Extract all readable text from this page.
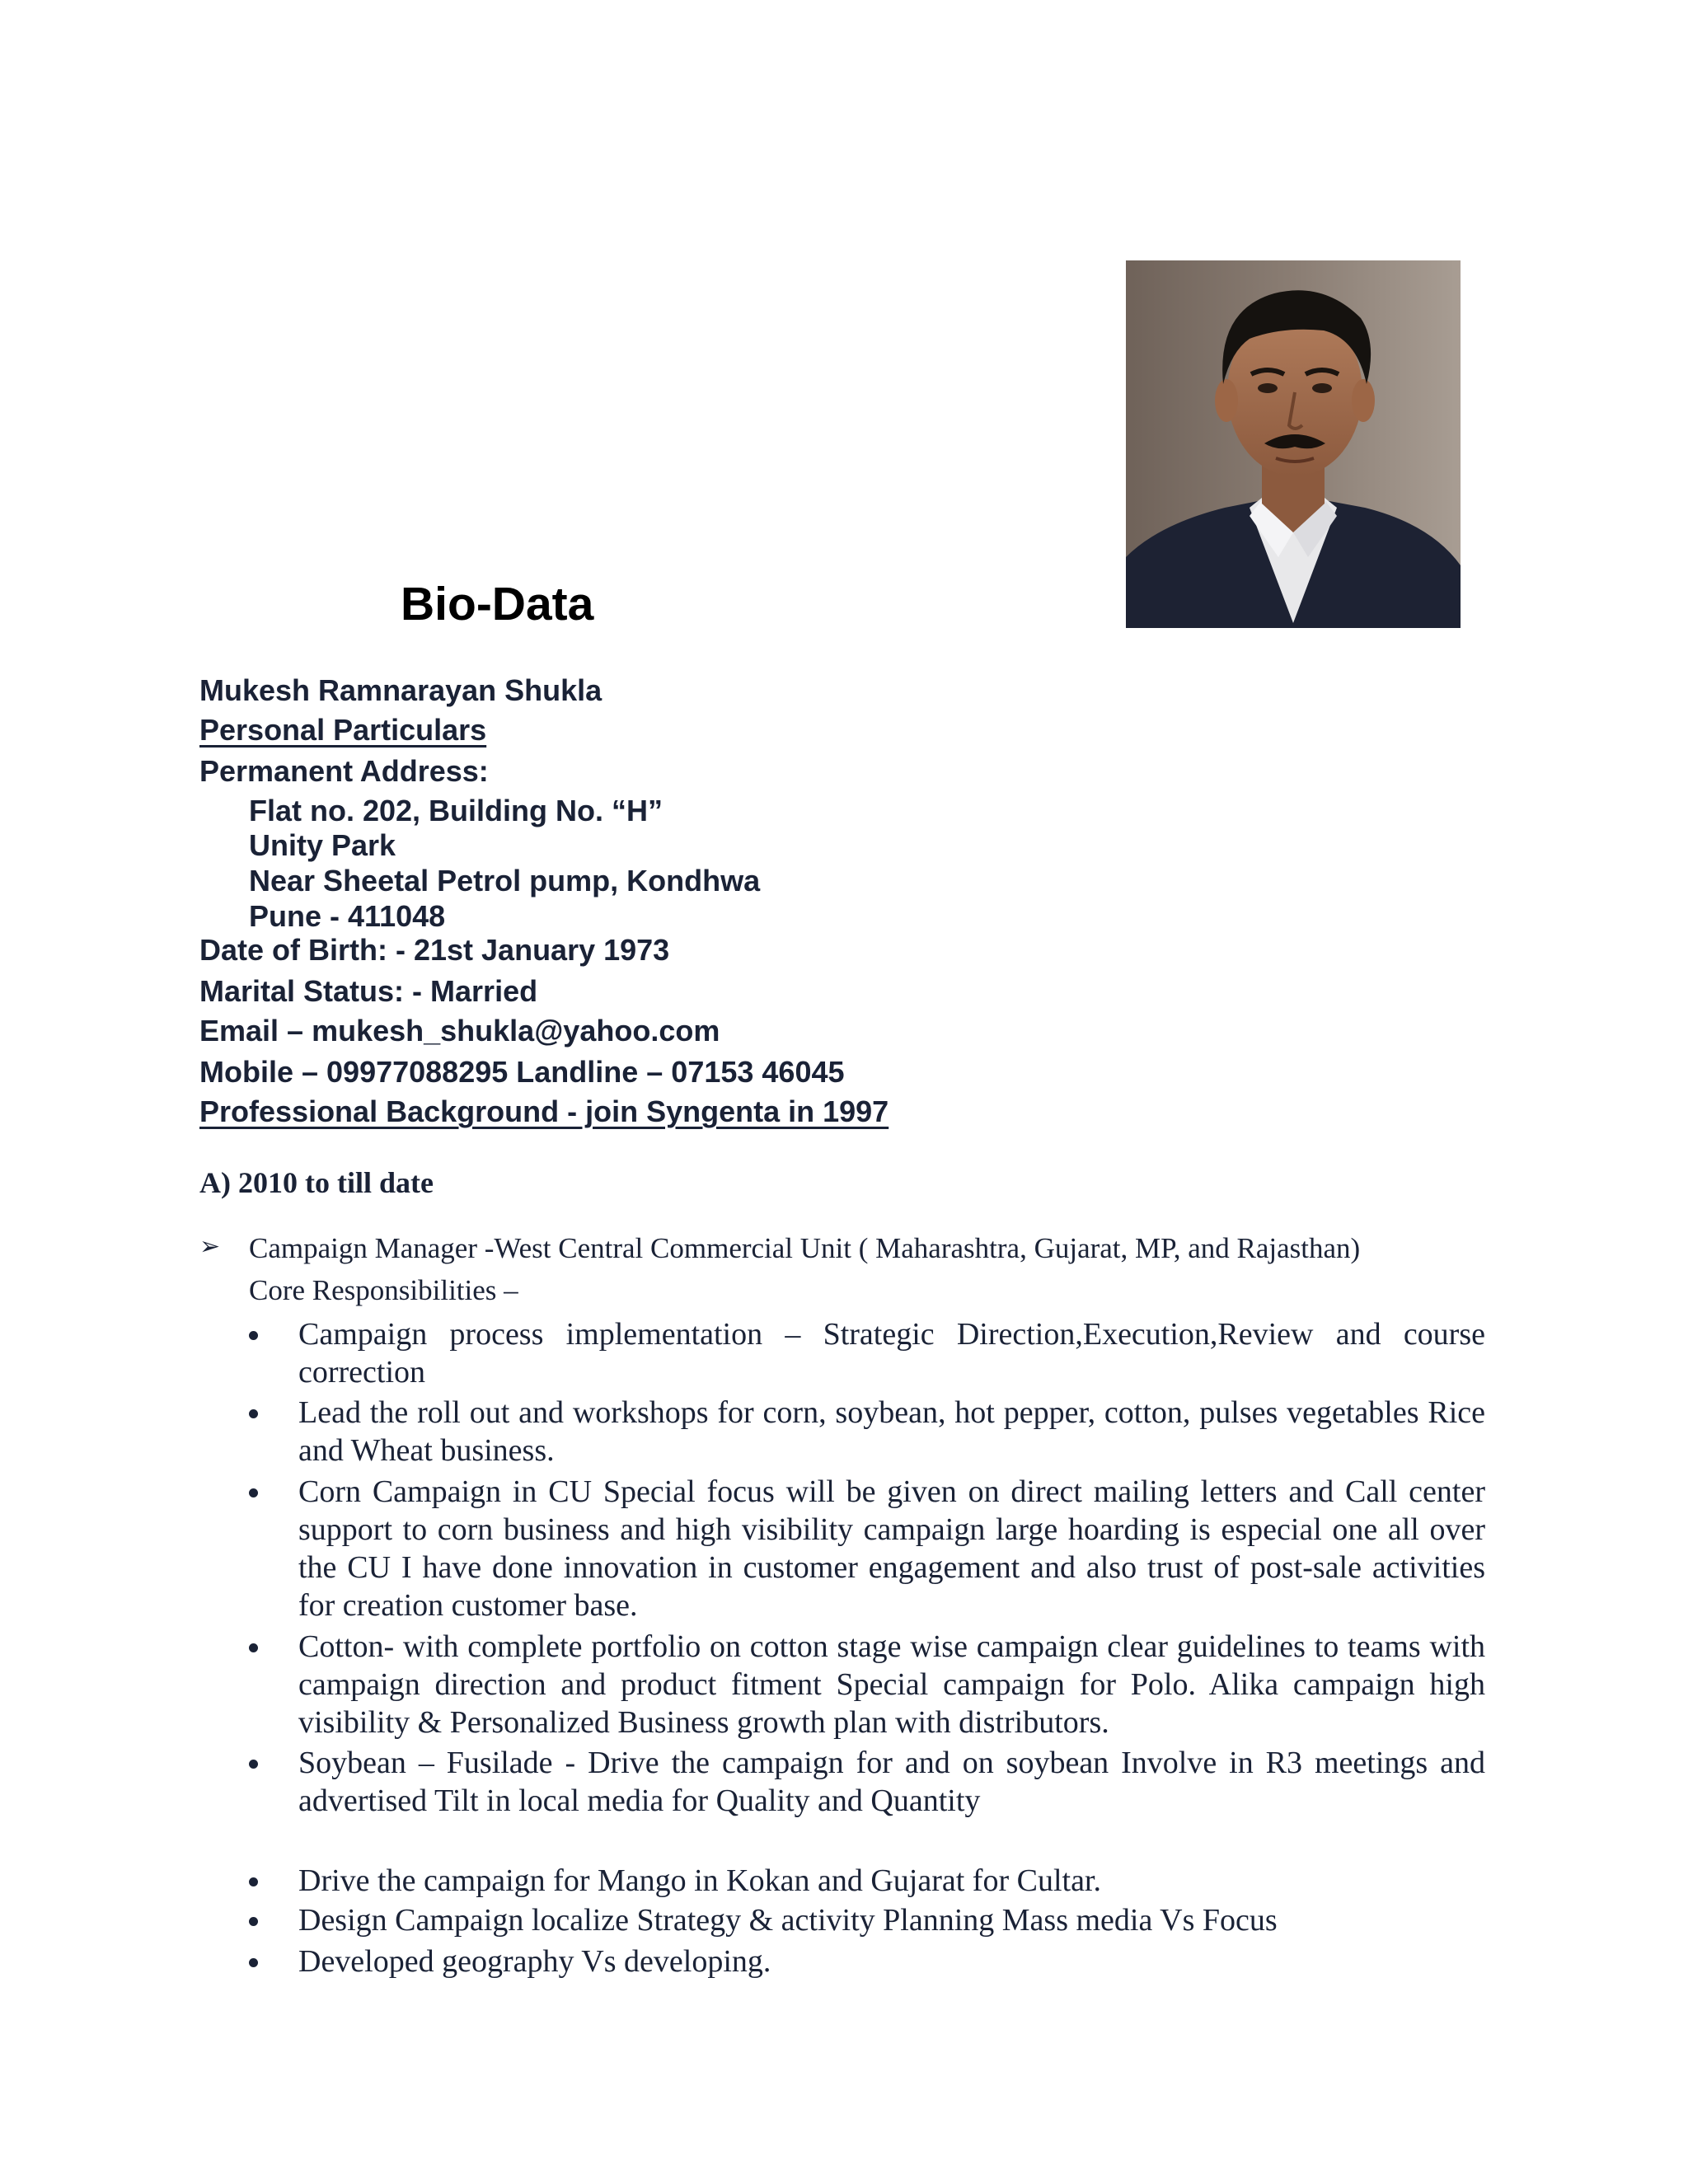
Bio-Data

Mukesh Ramnarayan Shukla

Personal Particulars

Permanent Address:

Flat no. 202, Building No. “H”

Unity Park

Near Sheetal Petrol pump, Kondhwa

Pune - 411048

Date of Birth: - 21st January 1973

Marital Status: - Married

Email – mukesh_shukla@yahoo.com

Mobile – 09977088295 Landline – 07153 46045

Professional Background - join Syngenta in 1997

A) 2010 to till date

➢ Campaign Manager -West Central Commercial Unit ( Maharashtra, Gujarat, MP, and Rajasthan)

Core Responsibilities –

Campaign process implementation – Strategic Direction,Execution,Review and course correction

Lead the roll out and workshops for corn, soybean, hot pepper, cotton, pulses vegetables Rice and Wheat business.

Corn Campaign in CU Special focus will be given on direct mailing letters and Call center support to corn business and high visibility campaign large hoarding is especial one all over the CU I have done innovation in customer engagement and also trust of post-sale activities for creation customer base.

Cotton- with complete portfolio on cotton stage wise campaign clear guidelines to teams with campaign direction and product fitment Special campaign for Polo. Alika campaign high visibility & Personalized Business growth plan with distributors.

Soybean – Fusilade - Drive the campaign for and on soybean Involve in R3 meetings and advertised Tilt in local media for Quality and Quantity

Drive the campaign for Mango in Kokan and Gujarat for Cultar.

Design Campaign localize Strategy & activity Planning Mass media Vs Focus

Developed geography Vs developing.
